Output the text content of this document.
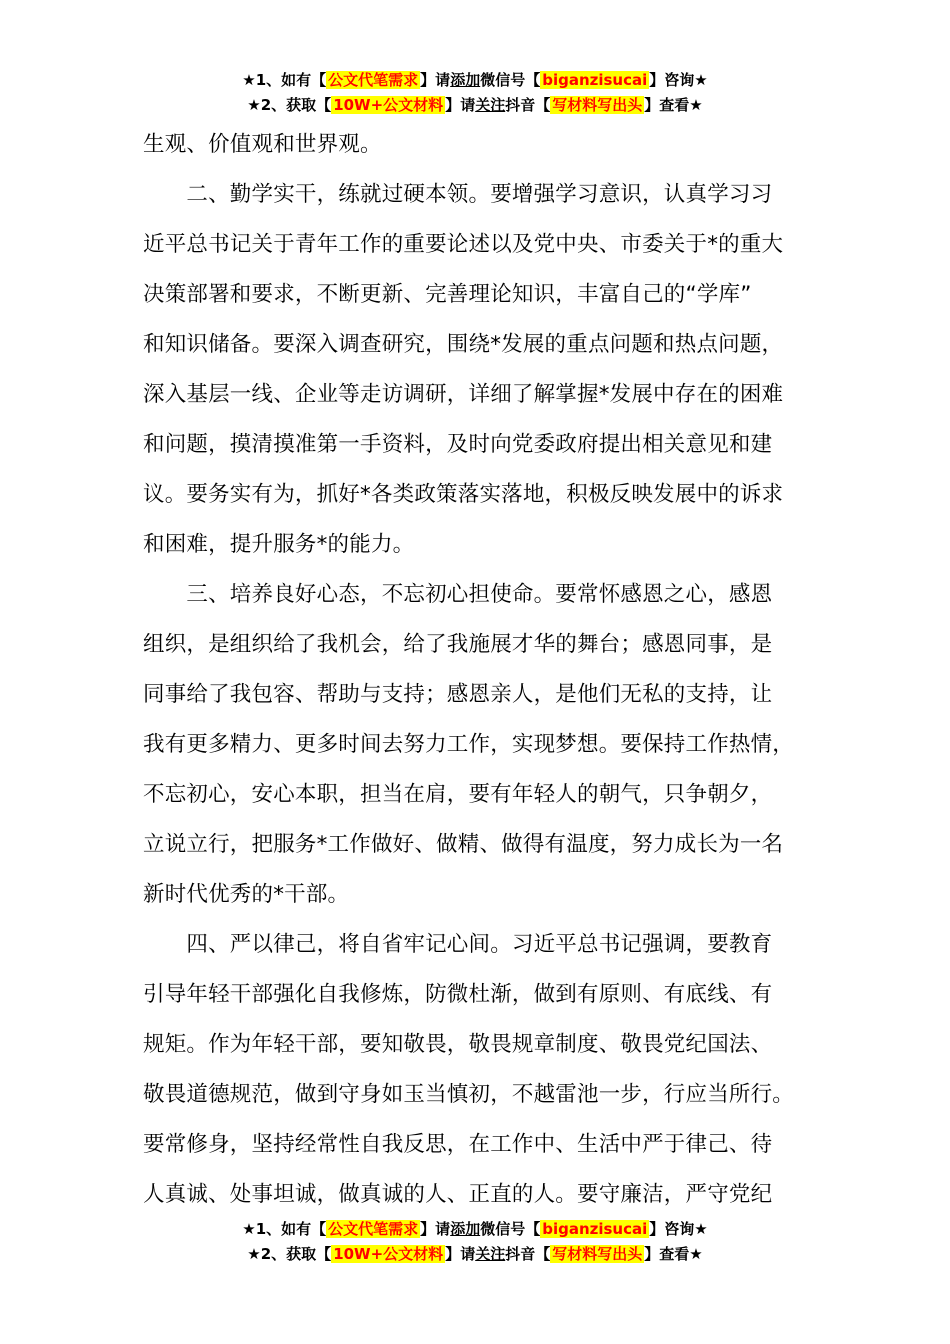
★1、如有【 公文代笔需求 】请添加微信号【 biganzisucai 】咨询★
★2、获取【 10W+公文材料 】请关注抖音【 写材料写出头 】查看★
生观、价值观和世界观。
　　二、勤学实干，练就过硬本领。要增强学习意识，认真学习习
近平总书记关于青年工作的重要论述以及党中央、市委关于*的重大
决策部署和要求，不断更新、完善理论知识，丰富自己的“学库”
和知识储备。要深入调查研究，围绕*发展的重点问题和热点问题，
深入基层一线、企业等走访调研，详细了解掌握*发展中存在的困难
和问题，摸清摸准第一手资料，及时向党委政府提出相关意见和建
议。要务实有为，抓好*各类政策落实落地，积极反映发展中的诉求
和困难，提升服务*的能力。
　　三、培养良好心态，不忘初心担使命。要常怀感恩之心，感恩
组织，是组织给了我机会，给了我施展才华的舞台；感恩同事，是
同事给了我包容、帮助与支持；感恩亲人，是他们无私的支持，让
我有更多精力、更多时间去努力工作，实现梦想。要保持工作热情，
不忘初心，安心本职，担当在肩，要有年轻人的朝气，只争朝夕，
立说立行，把服务*工作做好、做精、做得有温度，努力成长为一名
新时代优秀的*干部。
　　四、严以律己，将自省牢记心间。习近平总书记强调，要教育
引导年轻干部强化自我修炼，防微杜渐，做到有原则、有底线、有
规矩。作为年轻干部，要知敬畏，敬畏规章制度、敬畏党纪国法、
敬畏道德规范，做到守身如玉当慎初，不越雷池一步，行应当所行。
要常修身，坚持经常性自我反思，在工作中、生活中严于律己、待
人真诚、处事坦诚，做真诚的人、正直的人。要守廉洁，严守党纪
★1、如有【 公文代笔需求 】请添加微信号【 biganzisucai 】咨询★
★2、获取【 10W+公文材料 】请关注抖音【 写材料写出头 】查看★
